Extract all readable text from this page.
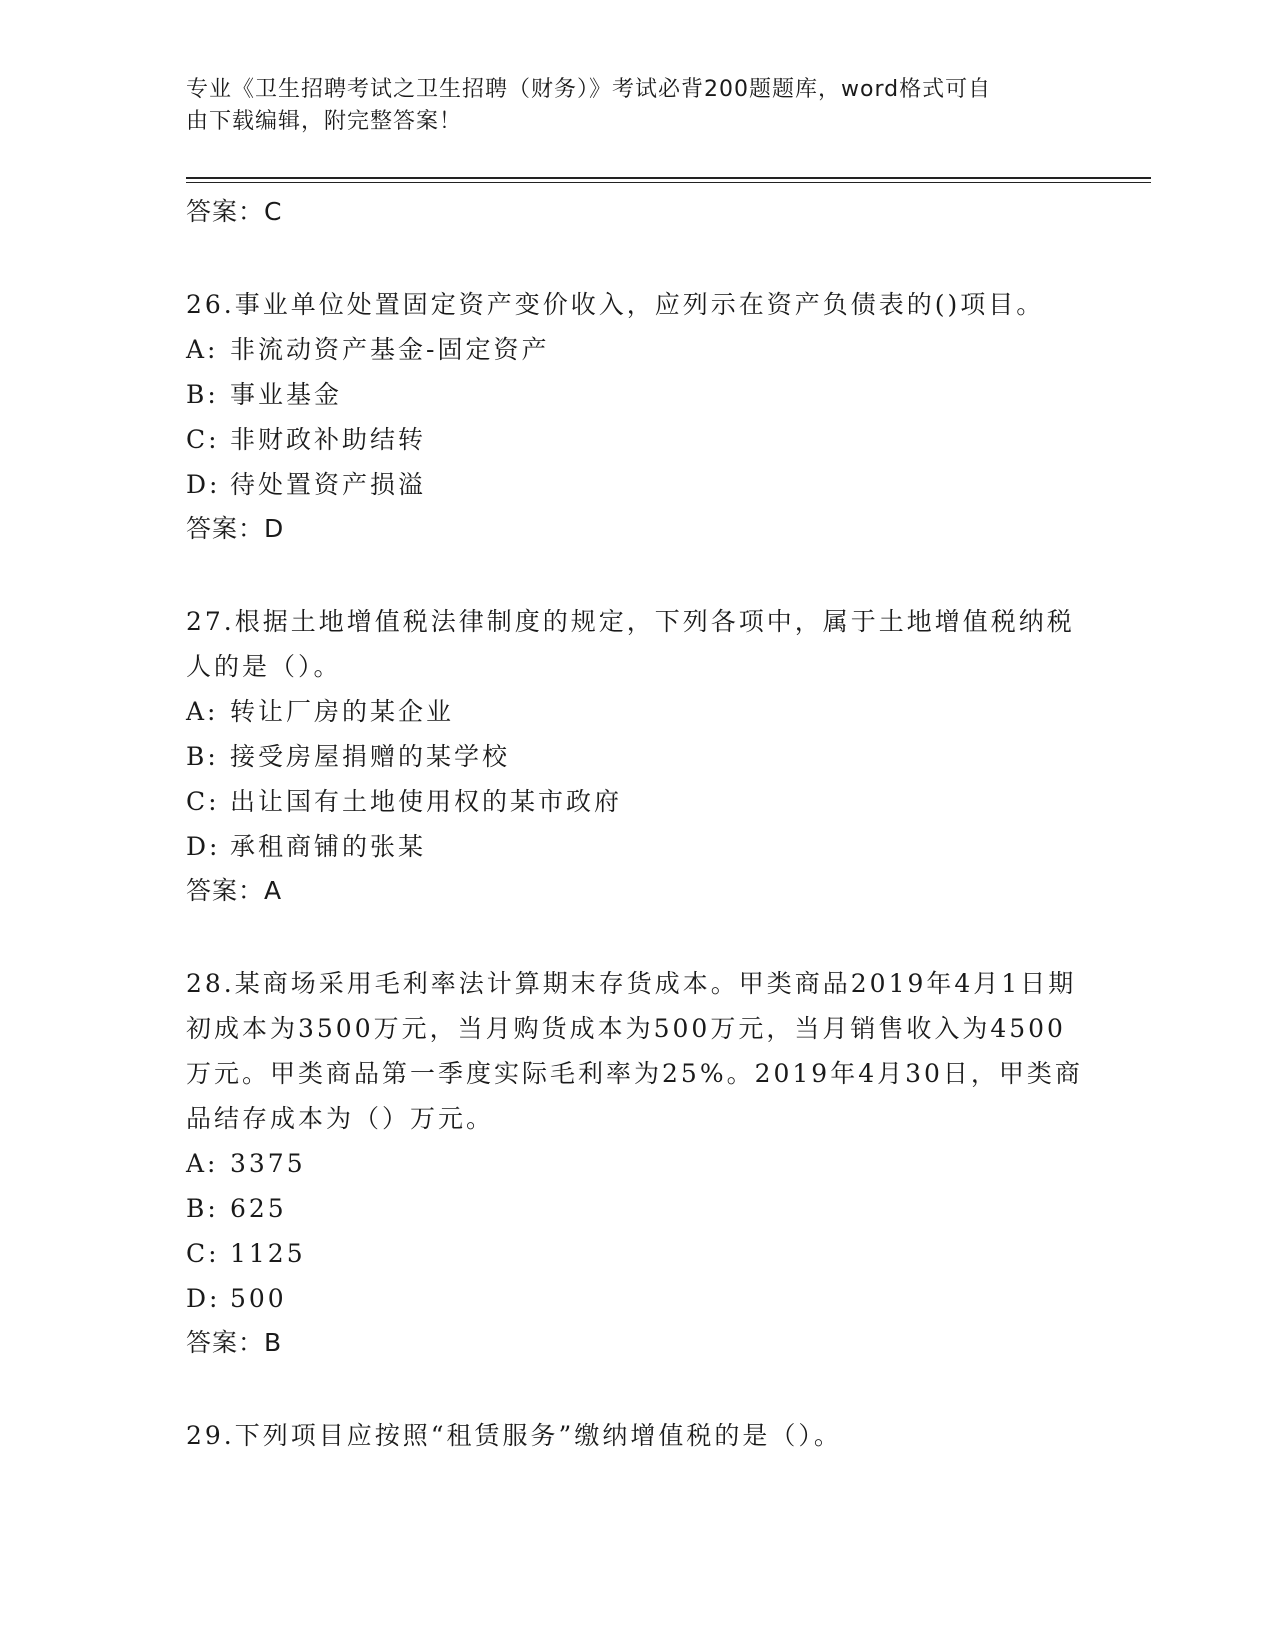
专业《卫生招聘考试之卫生招聘（财务）》考试必背200题题库，word格式可自
由下载编辑，附完整答案！

答案：C

26.事业单位处置固定资产变价收入，应列示在资产负债表的()项目。

A: 非流动资产基金-固定资产

B: 事业基金

C: 非财政补助结转

D: 待处置资产损溢

答案：D

27.根据土地增值税法律制度的规定，下列各项中，属于土地增值税纳税人的是（）。

A: 转让厂房的某企业

B: 接受房屋捐赠的某学校

C: 出让国有土地使用权的某市政府

D: 承租商铺的张某

答案：A

28.某商场采用毛利率法计算期末存货成本。甲类商品2019年4月1日期初成本为3500万元，当月购货成本为500万元，当月销售收入为4500万元。甲类商品第一季度实际毛利率为25%。2019年4月30日，甲类商品结存成本为（）万元。

A: 3375

B: 625

C: 1125

D: 500

答案：B

29.下列项目应按照“租赁服务”缴纳增值税的是（）。
